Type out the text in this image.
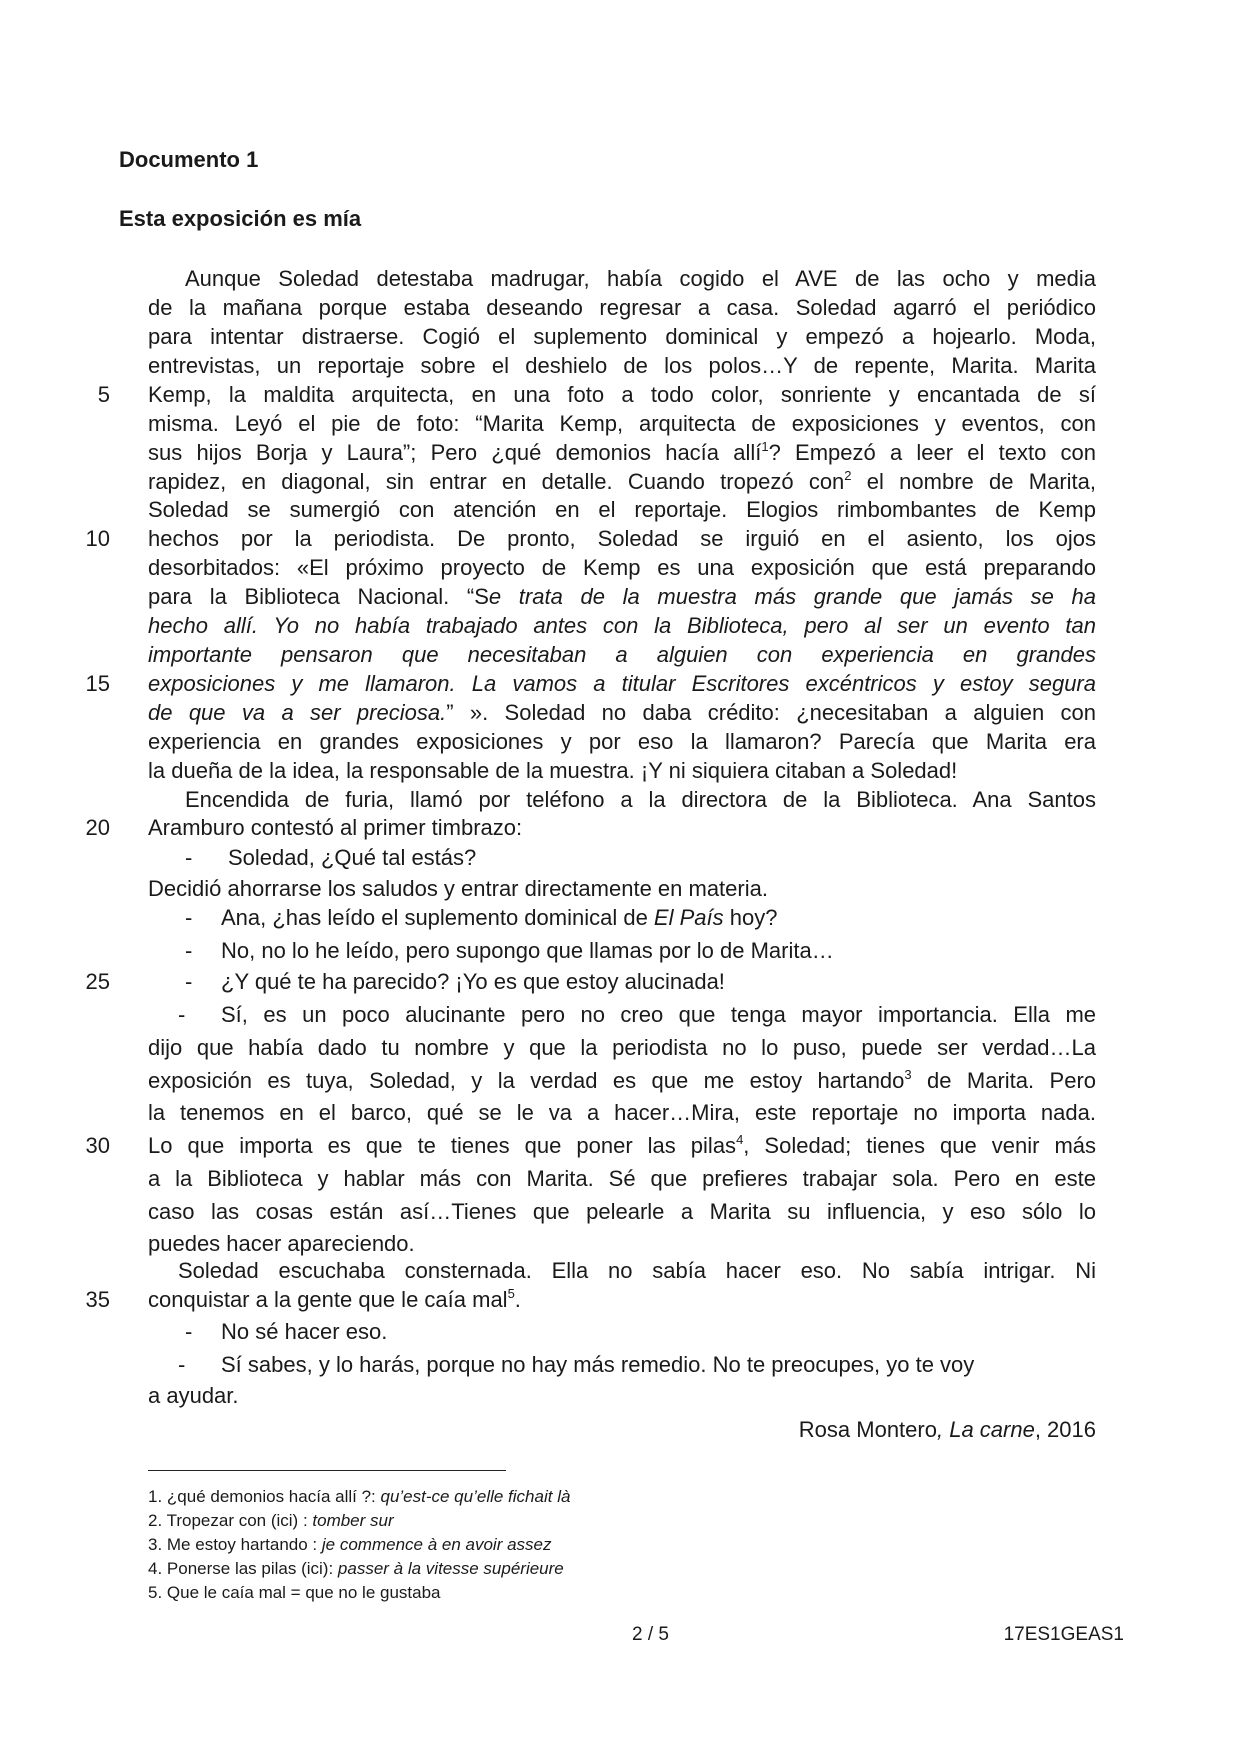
Documento 1
Esta exposición es mía
5
10
15
20
25
30
35
Aunque Soledad detestaba madrugar, había cogido el AVE de las ocho y media
de la mañana porque estaba deseando regresar a casa. Soledad agarró el periódico
para intentar distraerse. Cogió el suplemento dominical y empezó a hojearlo. Moda,
entrevistas, un reportaje sobre el deshielo de los polos…Y de repente, Marita. Marita
Kemp, la maldita arquitecta, en una foto a todo color, sonriente y encantada de sí
misma. Leyó el pie de foto: “Marita Kemp, arquitecta de exposiciones y eventos, con
sus hijos Borja y Laura”; Pero ¿qué demonios hacía allí$^1$? Empezó a leer el texto con
rapidez, en diagonal, sin entrar en detalle. Cuando tropezó con$^2$ el nombre de Marita,
Soledad se sumergió con atención en el reportaje. Elogios rimbombantes de Kemp
hechos por la periodista. De pronto, Soledad se irguió en el asiento, los ojos
desorbitados: «El próximo proyecto de Kemp es una exposición que está preparando
para la Biblioteca Nacional. “Se trata de la muestra más grande que jamás se ha
hecho allí. Yo no había trabajado antes con la Biblioteca, pero al ser un evento tan
importante pensaron que necesitaban a alguien con experiencia en grandes
exposiciones y me llamaron. La vamos a titular Escritores excéntricos y estoy segura
de que va a ser preciosa.” ». Soledad no daba crédito: ¿necesitaban a alguien con
experiencia en grandes exposiciones y por eso la llamaron? Parecía que Marita era
la dueña de la idea, la responsable de la muestra. ¡Y ni siquiera citaban a Soledad!
Encendida de furia, llamó por teléfono a la directora de la Biblioteca. Ana Santos
Aramburo contestó al primer timbrazo:
- Soledad, ¿Qué tal estás?
Decidió ahorrarse los saludos y entrar directamente en materia.
- Ana, ¿has leído el suplemento dominical de El País hoy?
- No, no lo he leído, pero supongo que llamas por lo de Marita…
- ¿Y qué te ha parecido? ¡Yo es que estoy alucinada!
- Sí, es un poco alucinante pero no creo que tenga mayor importancia. Ella me
dijo que había dado tu nombre y que la periodista no lo puso, puede ser verdad…La
exposición es tuya, Soledad, y la verdad es que me estoy hartando$^3$ de Marita. Pero
la tenemos en el barco, qué se le va a hacer…Mira, este reportaje no importa nada.
Lo que importa es que te tienes que poner las pilas$^4$, Soledad; tienes que venir más
a la Biblioteca y hablar más con Marita. Sé que prefieres trabajar sola. Pero en este
caso las cosas están así…Tienes que pelearle a Marita su influencia, y eso sólo lo
puedes hacer apareciendo.
Soledad escuchaba consternada. Ella no sabía hacer eso. No sabía intrigar. Ni
conquistar a la gente que le caía mal$^5$.
- No sé hacer eso.
- Sí sabes, y lo harás, porque no hay más remedio. No te preocupes, yo te voy
a ayudar.
Rosa Montero, La carne, 2016
1. ¿qué demonios hacía allí ?: qu’est-ce qu’elle fichait là
2. Tropezar con (ici) : tomber sur
3. Me estoy hartando : je commence à en avoir assez
4. Ponerse las pilas (ici): passer à la vitesse supérieure
5. Que le caía mal = que no le gustaba
2 / 5	17ES1GEAS1
